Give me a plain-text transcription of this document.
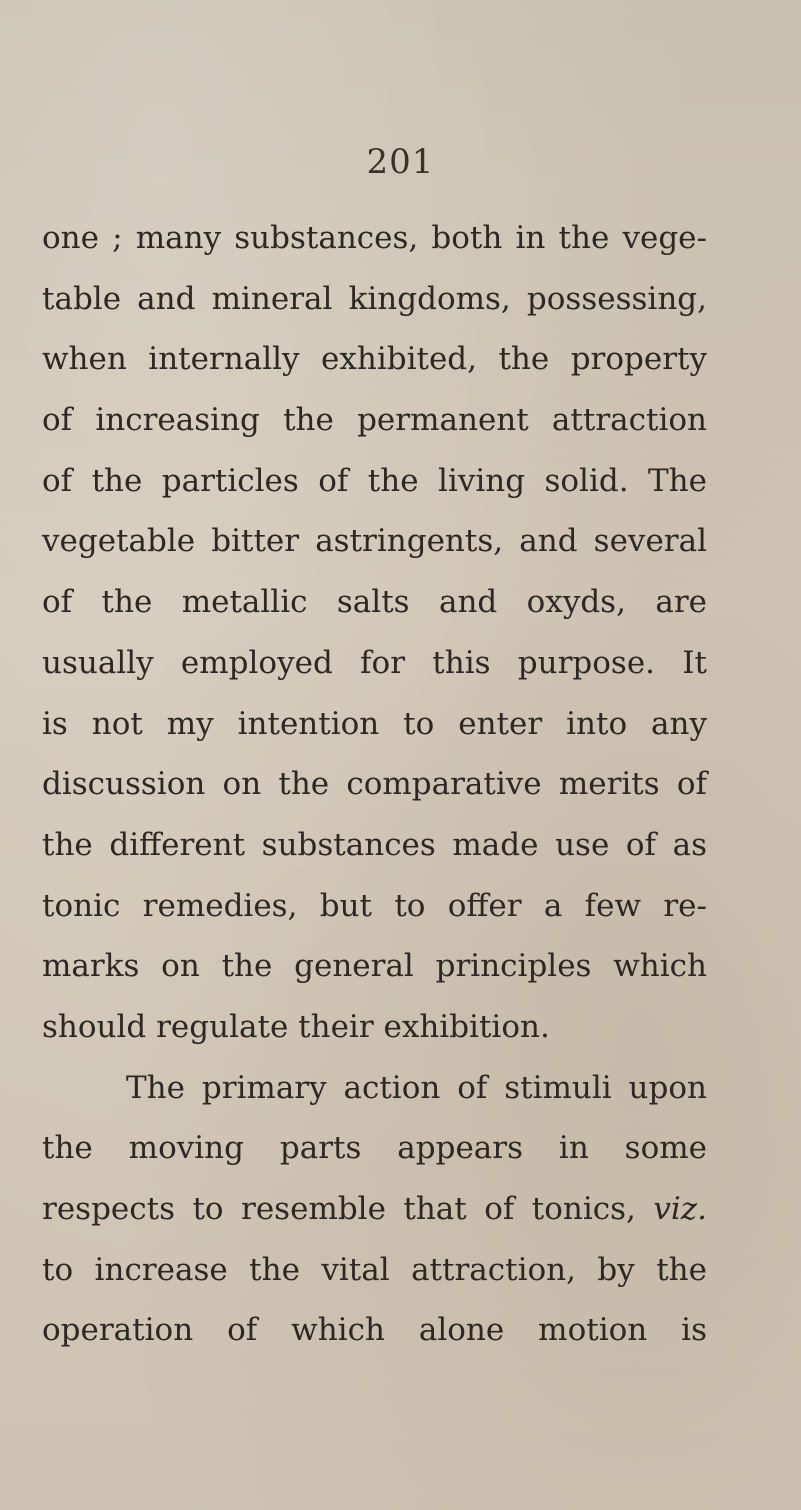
201
one ; many substances, both in the vege-
table and mineral kingdoms, possessing,
when internally exhibited, the property
of increasing the permanent attraction
of the particles of the living solid. The
vegetable bitter astringents, and several
of the metallic salts and oxyds, are
usually employed for this purpose. It
is not my intention to enter into any
discussion on the comparative merits of
the different substances made use of as
tonic remedies, but to offer a few re-
marks on the general principles which
should regulate their exhibition.
The primary action of stimuli upon
the moving parts appears in some
respects to resemble that of tonics, viz.
to increase the vital attraction, by the
operation of which alone motion is
